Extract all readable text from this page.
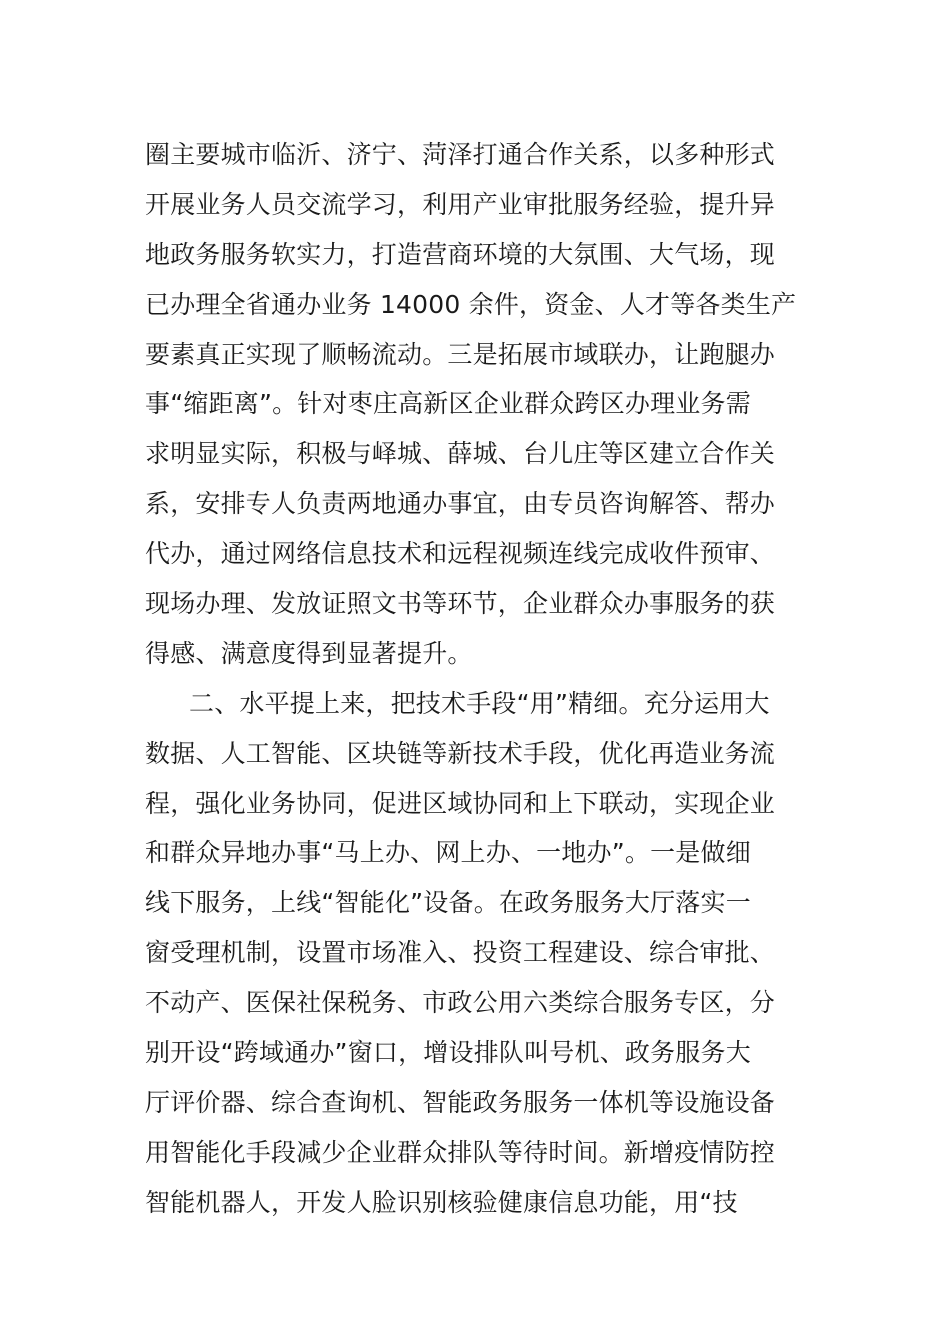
圈主要城市临沂、济宁、菏泽打通合作关系，以多种形式
开展业务人员交流学习，利用产业审批服务经验，提升异
地政务服务软实力，打造营商环境的大氛围、大气场，现
已办理全省通办业务 14000 余件，资金、人才等各类生产
要素真正实现了顺畅流动。三是拓展市域联办，让跑腿办
事“缩距离”。针对枣庄高新区企业群众跨区办理业务需
求明显实际，积极与峄城、薛城、台儿庄等区建立合作关
系，安排专人负责两地通办事宜，由专员咨询解答、帮办
代办，通过网络信息技术和远程视频连线完成收件预审、
现场办理、发放证照文书等环节，企业群众办事服务的获
得感、满意度得到显著提升。
二、水平提上来，把技术手段“用”精细。充分运用大
数据、人工智能、区块链等新技术手段，优化再造业务流
程，强化业务协同，促进区域协同和上下联动，实现企业
和群众异地办事“马上办、网上办、一地办”。一是做细
线下服务，上线“智能化”设备。在政务服务大厅落实一
窗受理机制，设置市场准入、投资工程建设、综合审批、
不动产、医保社保税务、市政公用六类综合服务专区，分
别开设“跨域通办”窗口，增设排队叫号机、政务服务大
厅评价器、综合查询机、智能政务服务一体机等设施设备
用智能化手段减少企业群众排队等待时间。新增疫情防控
智能机器人，开发人脸识别核验健康信息功能，用“技
